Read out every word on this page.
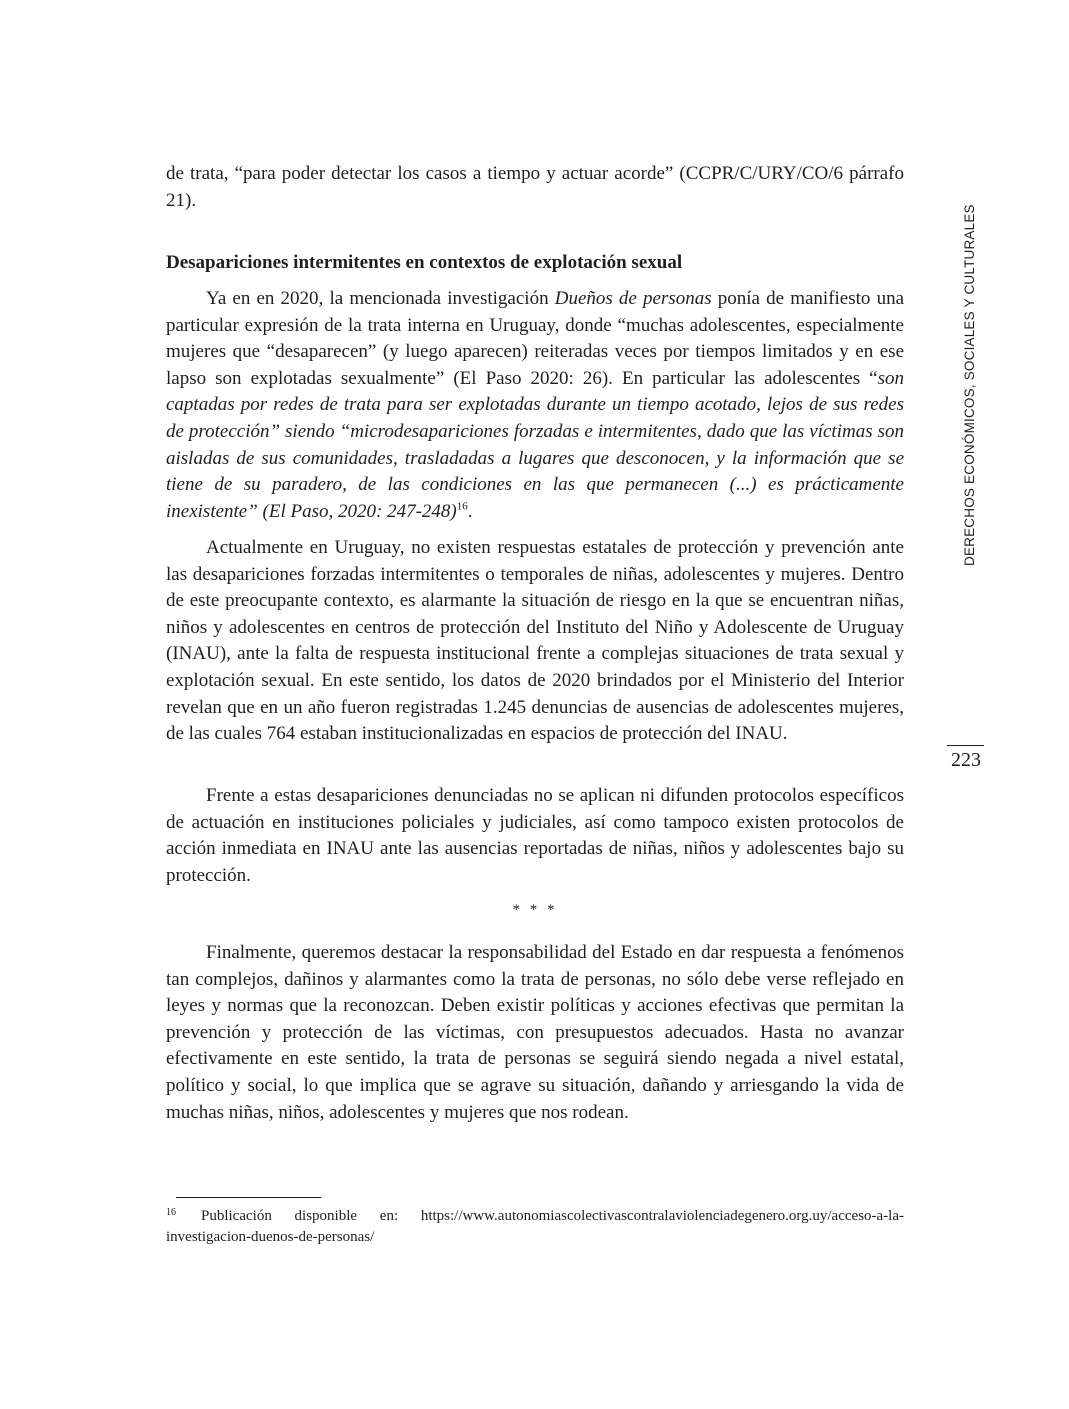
de trata, “para poder detectar los casos a tiempo y actuar acorde” (CCPR/C/URY/CO/6 párrafo 21).

Desapariciones intermitentes en contextos de explotación sexual

Ya en en 2020, la mencionada investigación Dueños de personas ponía de manifiesto una particular expresión de la trata interna en Uruguay, donde “muchas adolescentes, especialmente mujeres que “desaparecen” (y luego aparecen) reiteradas veces por tiempos limitados y en ese lapso son explotadas sexualmente” (El Paso 2020: 26). En particular las adolescentes “son captadas por redes de trata para ser explotadas durante un tiempo acotado, lejos de sus redes de protección” siendo “microdesapariciones forzadas e intermitentes, dado que las víctimas son aisladas de sus comunidades, trasladadas a lugares que desconocen, y la información que se tiene de su paradero, de las condiciones en las que permanecen (...) es prácticamente inexistente” (El Paso, 2020: 247-248)$^{16}$.

Actualmente en Uruguay, no existen respuestas estatales de protección y prevención ante las desapariciones forzadas intermitentes o temporales de niñas, adolescentes y mujeres. Dentro de este preocupante contexto, es alarmante la situación de riesgo en la que se encuentran niñas, niños y adolescentes en centros de protección del Instituto del Niño y Adolescente de Uruguay (INAU), ante la falta de respuesta institucional frente a complejas situaciones de trata sexual y explotación sexual. En este sentido, los datos de 2020 brindados por el Ministerio del Interior revelan que en un año fueron registradas 1.245 denuncias de ausencias de adolescentes mujeres, de las cuales 764 estaban institucionalizadas en espacios de protección del INAU.

Frente a estas desapariciones denunciadas no se aplican ni difunden protocolos específicos de actuación en instituciones policiales y judiciales, así como tampoco existen protocolos de acción inmediata en INAU ante las ausencias reportadas de niñas, niños y adolescentes bajo su protección.

* * *

Finalmente, queremos destacar la responsabilidad del Estado en dar respuesta a fenómenos tan complejos, dañinos y alarmantes como la trata de personas, no sólo debe verse reflejado en leyes y normas que la reconozcan. Deben existir políticas y acciones efectivas que permitan la prevención y protección de las víctimas, con presupuestos adecuados. Hasta no avanzar efectivamente en este sentido, la trata de personas se seguirá siendo negada a nivel estatal, político y social, lo que implica que se agrave su situación, dañando y arriesgando la vida de muchas niñas, niños, adolescentes y mujeres que nos rodean.

DERECHOS ECONÓMICOS, SOCIALES Y CULTURALES
223
16 Publicación disponible en: https://www.autonomiascolectivascontralaviolenciadegenero.org.uy/acceso-a-la-investigacion-duenos-de-personas/
